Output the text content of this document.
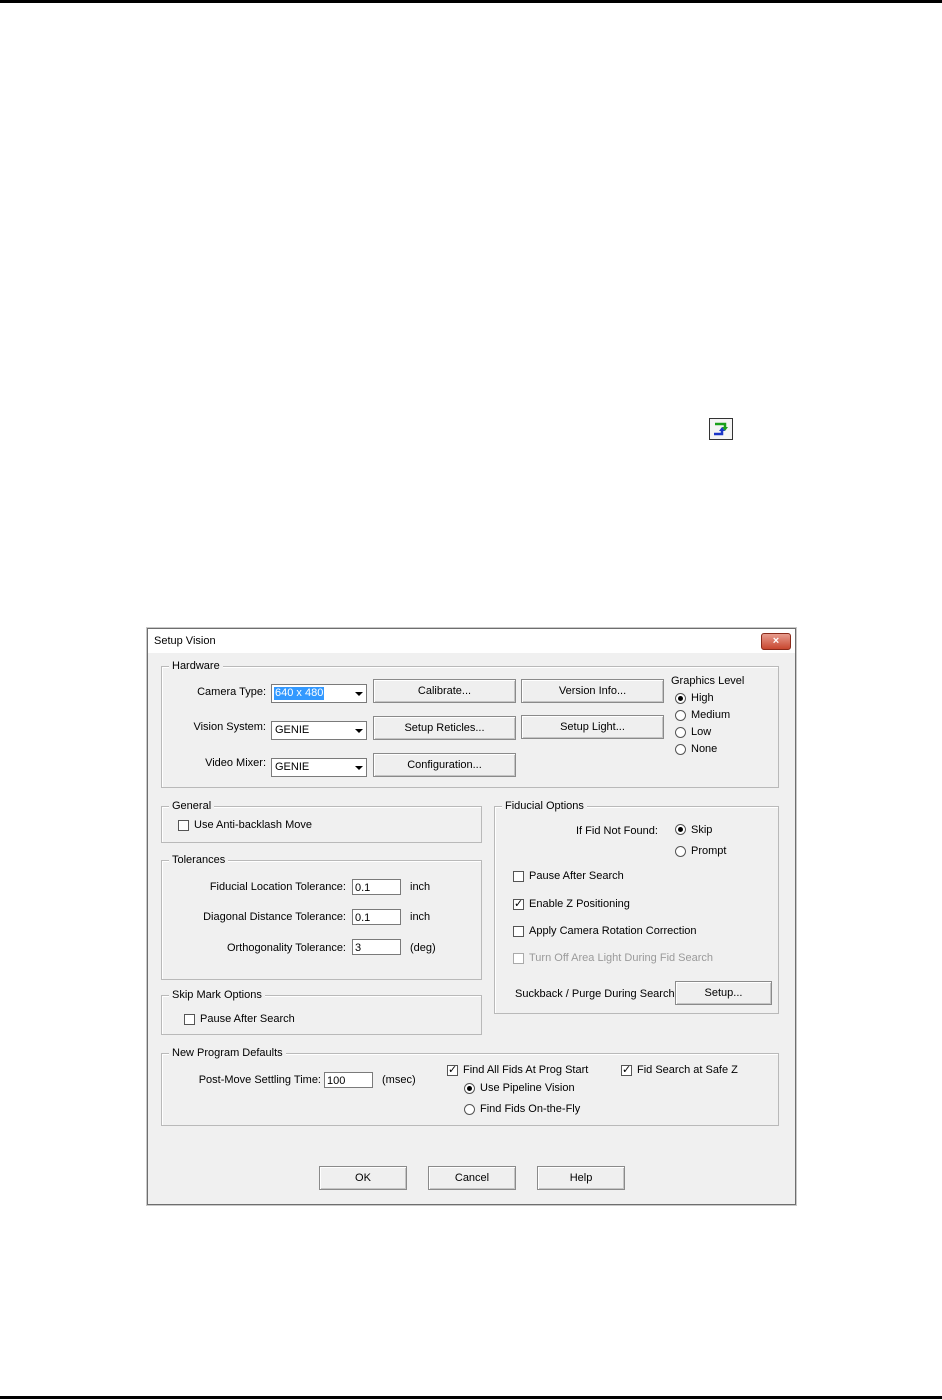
Setup Vision	×
Hardware
Camera Type: 640 x 480
Vision System: GENIE
Video Mixer: GENIE
Calibrate...
Setup Reticles...
Configuration...
Version Info...
Setup Light...
Graphics Level
High
Medium
Low
None
General
Use Anti-backlash Move
Tolerances
Fiducial Location Tolerance: 0.1	inch
Diagonal Distance Tolerance: 0.1	inch
Orthogonality Tolerance: 3	(deg)
Skip Mark Options
Pause After Search
Fiducial Options
If Fid Not Found:	Skip
Prompt
Pause After Search
✓
Enable Z Positioning
Apply Camera Rotation Correction
Turn Off Area Light During Fid Search
Suckback / Purge During Search	Setup...
New Program Defaults
Post-Move Settling Time: 100	(msec)
✓
Find All Fids At Prog Start
Use Pipeline Vision
Find Fids On-the-Fly
✓
Fid Search at Safe Z
OK	Cancel	Help
